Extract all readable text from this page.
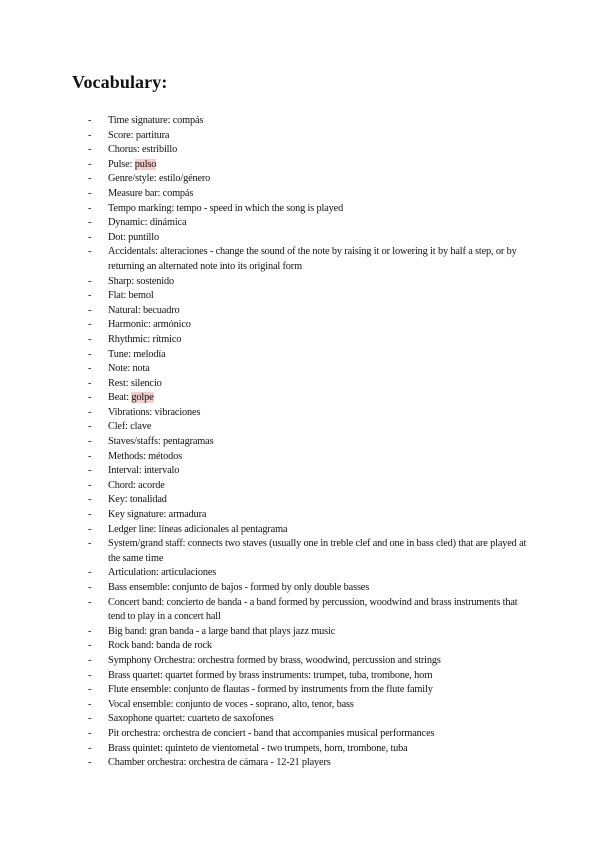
Vocabulary:
- Time signature: compás
- Score: partitura
- Chorus: estribillo
- Pulse: pulso
- Genre/style: estilo/género
- Measure bar: compás
- Tempo marking: tempo - speed in which the song is played
- Dynamic: dinámica
- Dot: puntillo
- Accidentals: alteraciones - change the sound of the note by raising it or lowering it by half a step, or by returning an alternated note into its original form
- Sharp: sostenido
- Flat: bemol
- Natural: becuadro
- Harmonic: armónico
- Rhythmic: rítmico
- Tune: melodía
- Note: nota
- Rest: silencio
- Beat: golpe
- Vibrations: vibraciones
- Clef: clave
- Staves/staffs: pentagramas
- Methods: métodos
- Interval: intervalo
- Chord: acorde
- Key: tonalidad
- Key signature: armadura
- Ledger line: líneas adicionales al pentagrama
- System/grand staff: connects two staves (usually one in treble clef and one in bass cled) that are played at the same time
- Articulation: articulaciones
- Bass ensemble: conjunto de bajos - formed by only double basses
- Concert band: concierto de banda - a band formed by percussion, woodwind and brass instruments that tend to play in a concert hall
- Big band: gran banda - a large band that plays jazz music
- Rock band: banda de rock
- Symphony Orchestra: orchestra formed by brass, woodwind, percussion and strings
- Brass quartet: quartet formed by brass instruments: trumpet, tuba, trombone, horn
- Flute ensemble: conjunto de flautas - formed by instruments from the flute family
- Vocal ensemble: conjunto de voces - soprano, alto, tenor, bass
- Saxophone quartet: cuarteto de saxofones
- Pit orchestra: orchestra de conciert - band that accompanies musical performances
- Brass quintet: quinteto de vientometal - two trumpets, horn, trombone, tuba
- Chamber orchestra: orchestra de cámara - 12-21 players
